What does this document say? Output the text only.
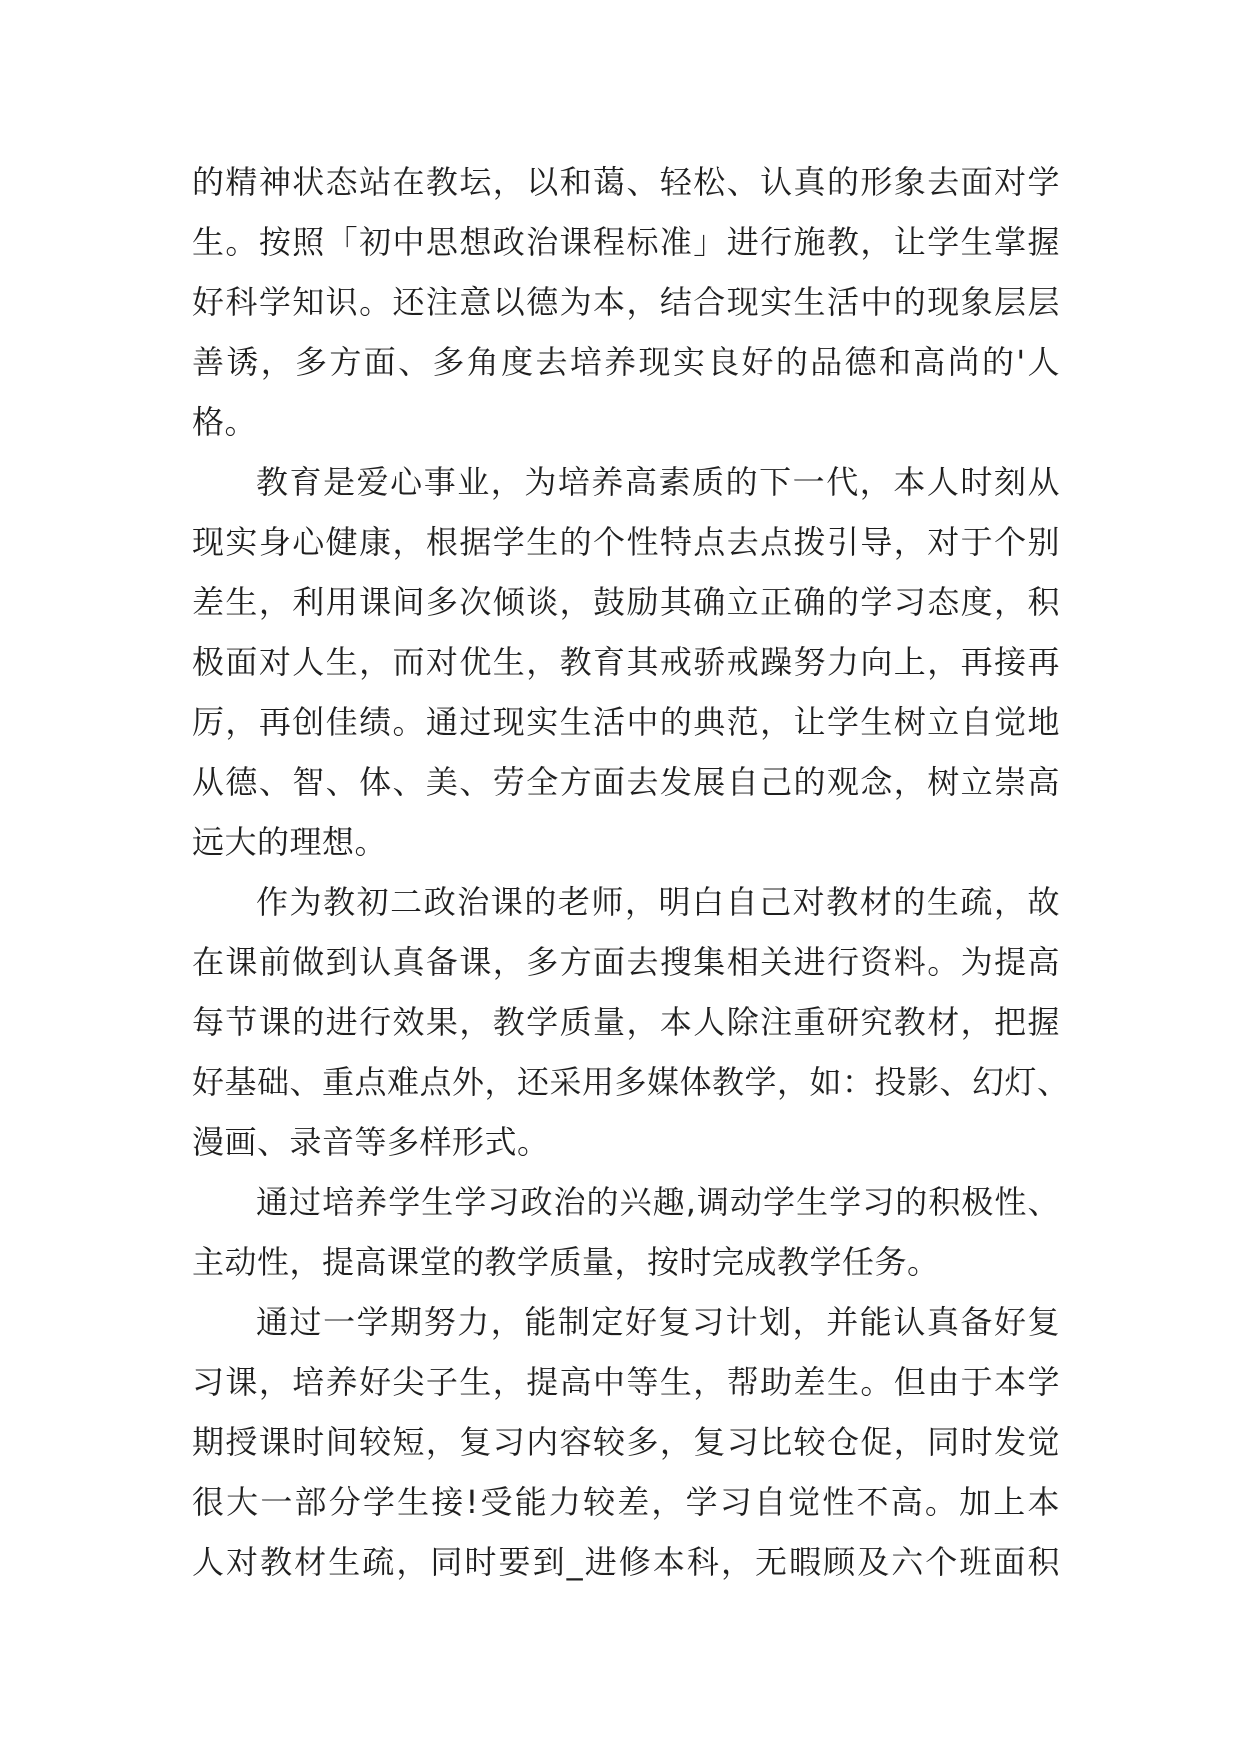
的精神状态站在教坛，以和蔼、轻松、认真的形象去面对学
生。按照「初中思想政治课程标准」进行施教，让学生掌握
好科学知识。还注意以德为本，结合现实生活中的现象层层
善诱，多方面、多角度去培养现实良好的品德和高尚的'人
格。
教育是爱心事业，为培养高素质的下一代，本人时刻从
现实身心健康，根据学生的个性特点去点拨引导，对于个别
差生，利用课间多次倾谈，鼓励其确立正确的学习态度，积
极面对人生，而对优生，教育其戒骄戒躁努力向上，再接再
厉，再创佳绩。通过现实生活中的典范，让学生树立自觉地
从德、智、体、美、劳全方面去发展自己的观念，树立崇高
远大的理想。
作为教初二政治课的老师，明白自己对教材的生疏，故
在课前做到认真备课，多方面去搜集相关进行资料。为提高
每节课的进行效果，教学质量，本人除注重研究教材，把握
好基础、重点难点外，还采用多媒体教学，如：投影、幻灯、
漫画、录音等多样形式。
通过培养学生学习政治的兴趣,调动学生学习的积极性、
主动性，提高课堂的教学质量，按时完成教学任务。
通过一学期努力，能制定好复习计划，并能认真备好复
习课，培养好尖子生，提高中等生，帮助差生。但由于本学
期授课时间较短，复习内容较多，复习比较仓促，同时发觉
很大一部分学生接!受能力较差，学习自觉性不高。加上本
人对教材生疏，同时要到_进修本科，无暇顾及六个班面积
